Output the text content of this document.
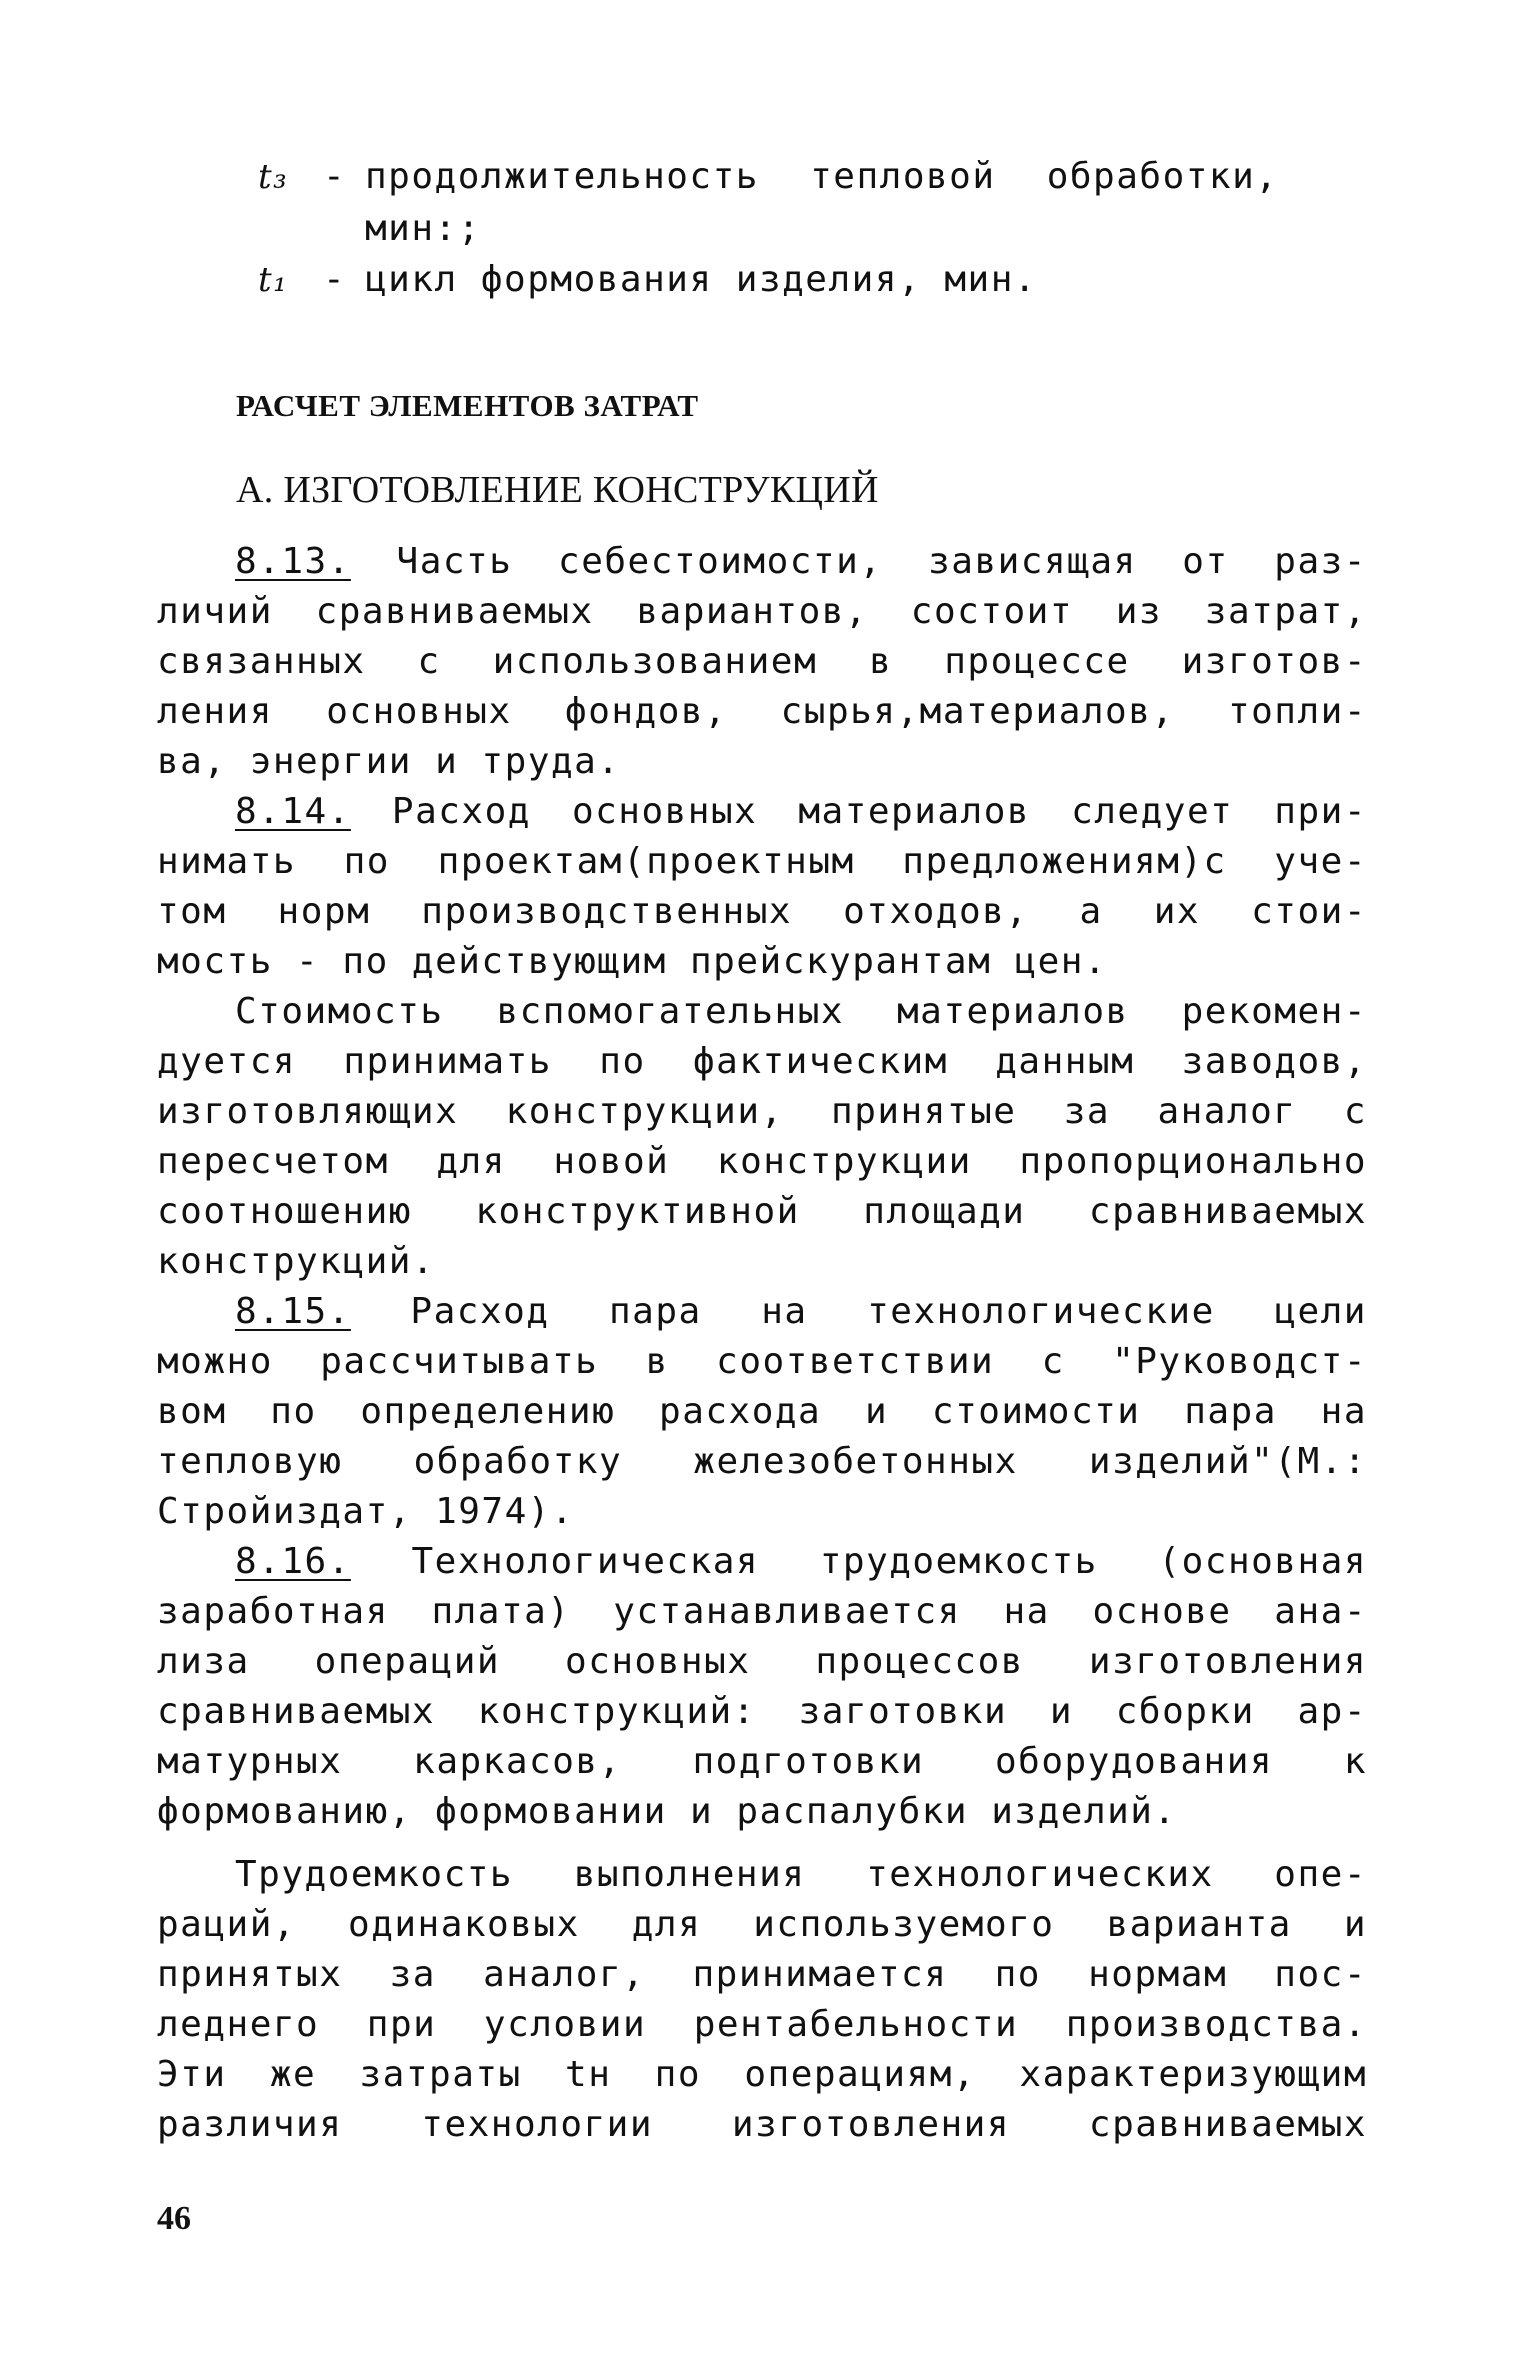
t₃ - продолжительность тепловой обработки,
мин:;
t₁ - цикл формования изделия, мин.
РАСЧЕТ ЭЛЕМЕНТОВ ЗАТРАТ
А. ИЗГОТОВЛЕНИЕ КОНСТРУКЦИЙ
8.13. Часть себестоимости, зависящая от раз-
личий сравниваемых вариантов, состоит из затрат,
связанных с использованием в процессе изготов-
ления основных фондов, сырья,материалов, топли-
ва, энергии и труда.
8.14. Расход основных материалов следует при-
нимать по проектам(проектным предложениям)с уче-
том норм производственных отходов, а их стои-
мость - по действующим прейскурантам цен.
Стоимость вспомогательных материалов рекомен-
дуется принимать по фактическим данным заводов,
изготовляющих конструкции, принятые за аналог с
пересчетом для новой конструкции пропорционально
соотношению конструктивной площади сравниваемых
конструкций.
8.15. Расход пара на технологические цели
можно рассчитывать в соответствии с "Руководст-
вом по определению расхода и стоимости пара на
тепловую обработку железобетонных изделий"(М.:
Стройиздат, 1974).
8.16. Технологическая трудоемкость (основная
заработная плата) устанавливается на основе ана-
лиза операций основных процессов изготовления
сравниваемых конструкций: заготовки и сборки ар-
матурных каркасов, подготовки оборудования к
формованию, формовании и распалубки изделий.
Трудоемкость выполнения технологических опе-
раций, одинаковых для используемого варианта и
принятых за аналог, принимается по нормам пос-
леднего при условии рентабельности производства.
Эти же затраты tн по операциям, характеризующим
различия технологии изготовления сравниваемых
46
